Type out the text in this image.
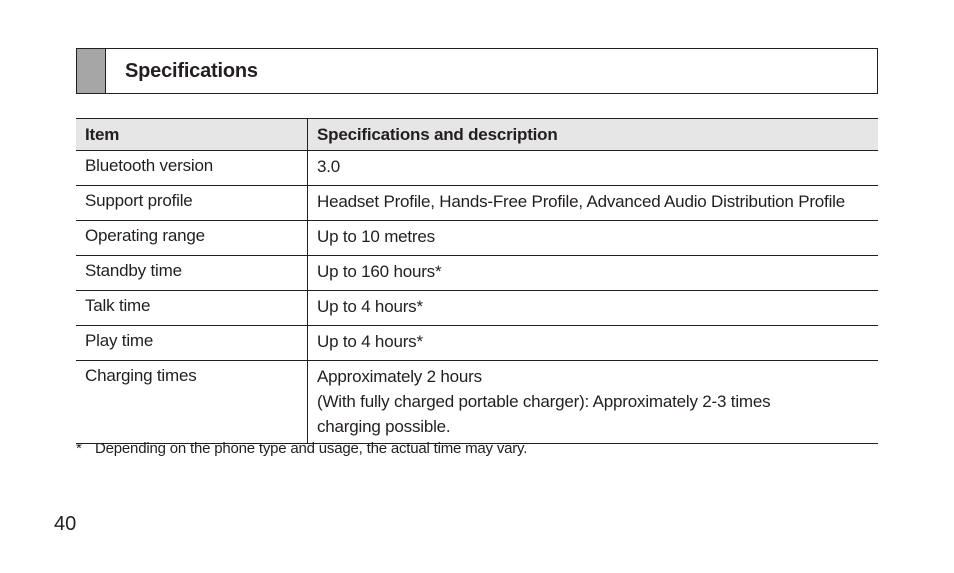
Specifications
Item	Specifications and description
Bluetooth version	3.0

Support profile	Headset Profile, Hands-Free Profile, Advanced Audio Distribution Profile

Operating range	Up to 10 metres

Standby time	Up to 160 hours*

Talk time	Up to 4 hours*

Play time	Up to 4 hours*

Charging times	Approximately 2 hours
(With fully charged portable charger): Approximately 2-3 times
charging possible.
* Depending on the phone type and usage, the actual time may vary.
40
